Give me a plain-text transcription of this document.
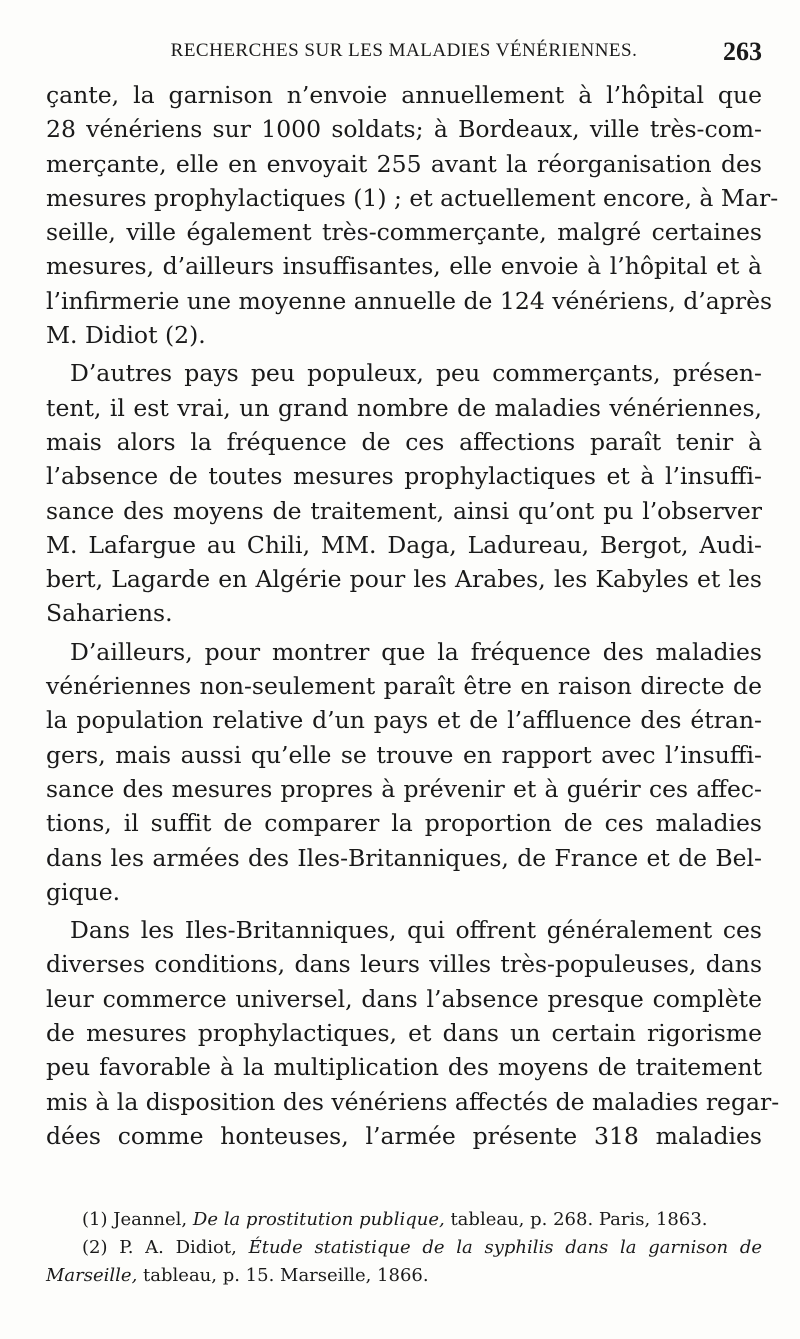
RECHERCHES SUR LES MALADIES VÉNÉRIENNES.	263
çante, la garnison n’envoie annuellement à l’hôpital que
28 vénériens sur 1000 soldats; à Bordeaux, ville très-com-
merçante, elle en envoyait 255 avant la réorganisation des
mesures prophylactiques (1) ; et actuellement encore, à Mar-
seille, ville également très-commerçante, malgré certaines
mesures, d’ailleurs insuffisantes, elle envoie à l’hôpital et à
l’infirmerie une moyenne annuelle de 124 vénériens, d’après
M. Didiot (2).
D’autres pays peu populeux, peu commerçants, présen-
tent, il est vrai, un grand nombre de maladies vénériennes,
mais alors la fréquence de ces affections paraît tenir à
l’absence de toutes mesures prophylactiques et à l’insuffi-
sance des moyens de traitement, ainsi qu’ont pu l’observer
M. Lafargue au Chili, MM. Daga, Ladureau, Bergot, Audi-
bert, Lagarde en Algérie pour les Arabes, les Kabyles et les
Sahariens.
D’ailleurs, pour montrer que la fréquence des maladies
vénériennes non-seulement paraît être en raison directe de
la population relative d’un pays et de l’affluence des étran-
gers, mais aussi qu’elle se trouve en rapport avec l’insuffi-
sance des mesures propres à prévenir et à guérir ces affec-
tions, il suffit de comparer la proportion de ces maladies
dans les armées des Iles-Britanniques, de France et de Bel-
gique.
Dans les Iles-Britanniques, qui offrent généralement ces
diverses conditions, dans leurs villes très-populeuses, dans
leur commerce universel, dans l’absence presque complète
de mesures prophylactiques, et dans un certain rigorisme
peu favorable à la multiplication des moyens de traitement
mis à la disposition des vénériens affectés de maladies regar-
dées comme honteuses, l’armée présente 318 maladies
(1) Jeannel, De la prostitution publique, tableau, p. 268. Paris, 1863.
(2) P. A. Didiot, Étude statistique de la syphilis dans la garnison de
Marseille, tableau, p. 15. Marseille, 1866.
